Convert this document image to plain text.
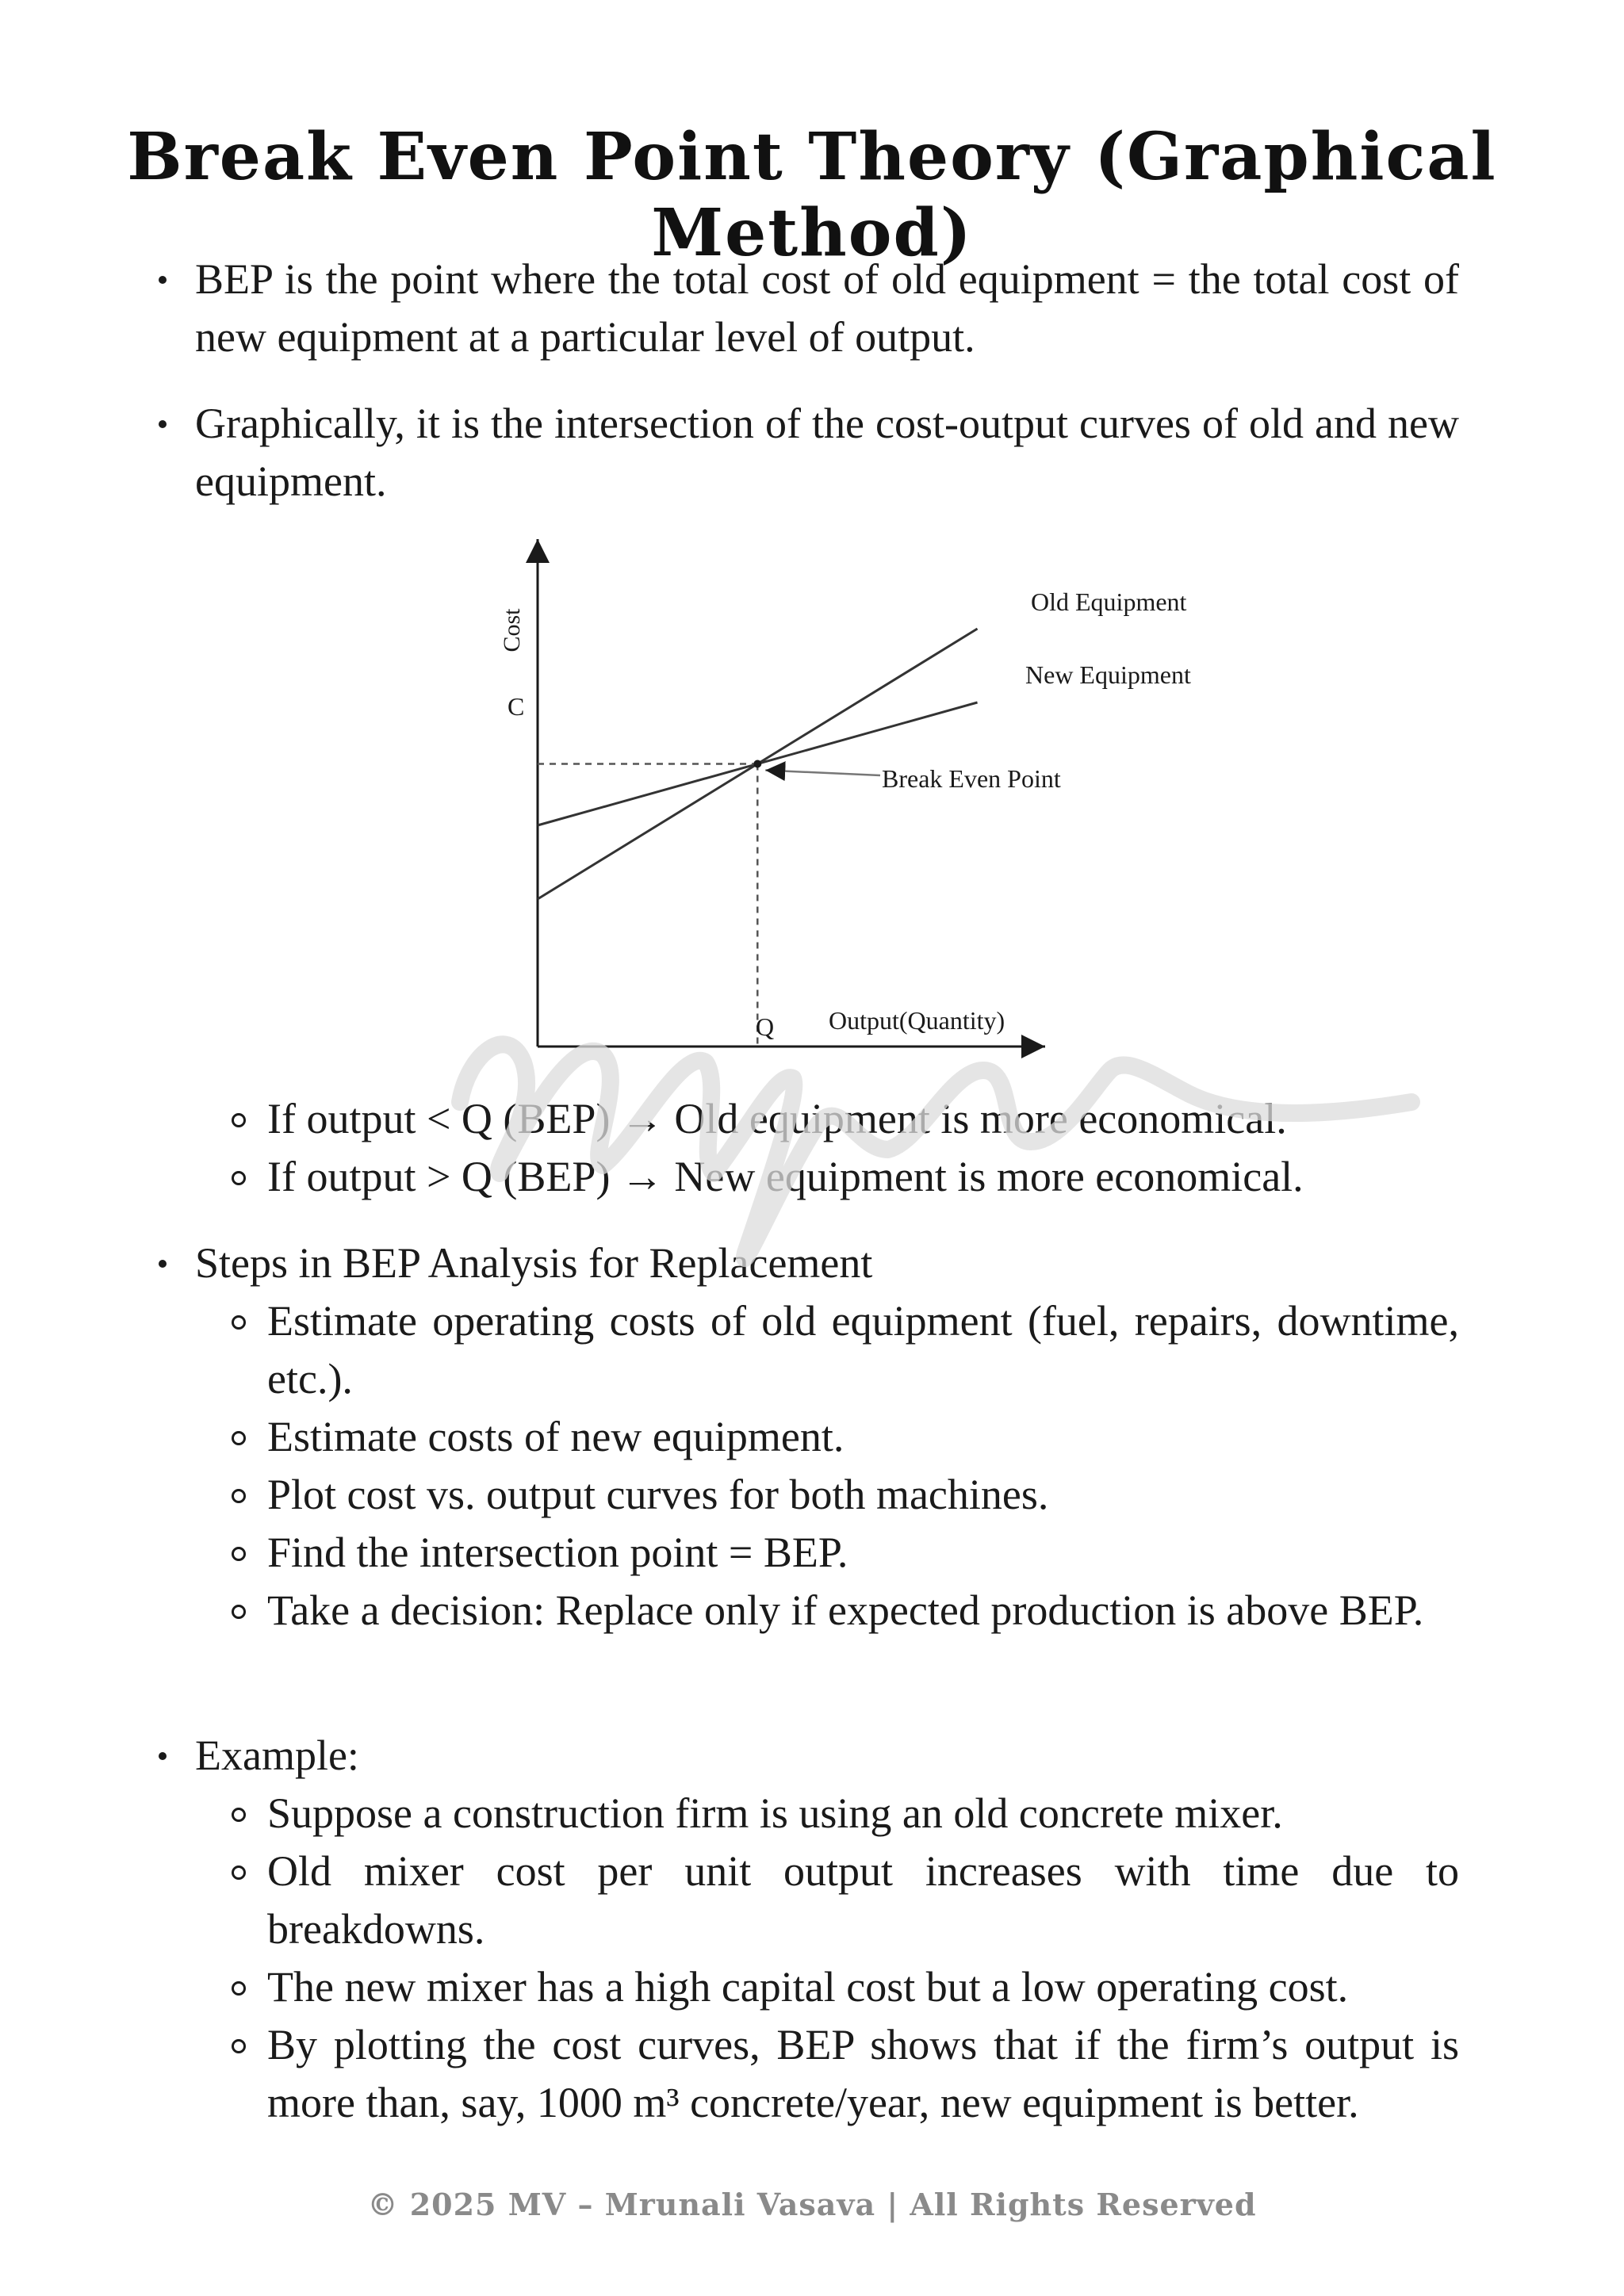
Break Even Point Theory (Graphical Method)
BEP is the point where the total cost of old equipment = the total cost of new equipment at a particular level of output.
Graphically, it is the intersection of the cost-output curves of old and new equipment.
Cost
Output(Quantity)
Old Equipment
New Equipment
C
Q
Break Even Point
If output < Q (BEP) → Old equipment is more economical.
If output > Q (BEP) → New equipment is more economical.
Steps in BEP Analysis for Replacement
Estimate operating costs of old equipment (fuel, repairs, downtime, etc.).
Estimate costs of new equipment.
Plot cost vs. output curves for both machines.
Find the intersection point = BEP.
Take a decision: Replace only if expected production is above BEP.
Example:
Suppose a construction firm is using an old concrete mixer.
Old mixer cost per unit output increases with time due to breakdowns.
The new mixer has a high capital cost but a low operating cost.
By plotting the cost curves, BEP shows that if the firm’s output is more than, say, 1000 m³ concrete/year, new equipment is better.
© 2025 MV – Mrunali Vasava | All Rights Reserved
